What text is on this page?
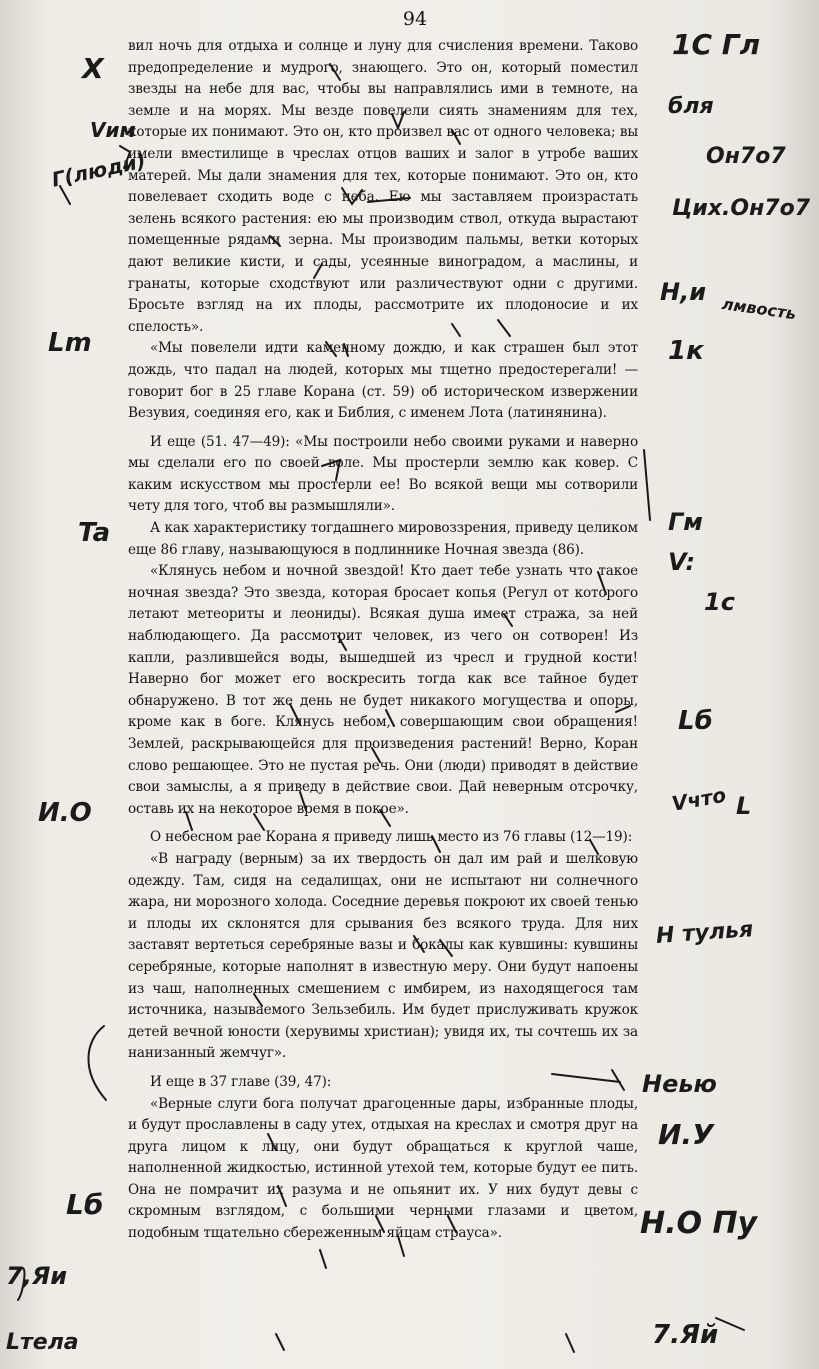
94

вил ночь для отдыха и солнце и луну для счисления времени. Таково предопределение и мудрого, знающего. Это он, который поместил звезды на небе для вас, чтобы вы направлялись ими в темноте, на земле и на морях. Мы везде повелели сиять знамениям для тех, которые их понимают. Это он, кто произвел вас от одного человека; вы имели вместилище в чреслах отцов ваших и залог в утробе ваших матерей. Мы дали знамения для тех, которые понимают. Это он, кто повелевает сходить воде с неба. Ею мы заставляем произрастать зелень всякого растения: ею мы производим ствол, откуда вырастают помещенные рядами зерна. Мы производим пальмы, ветки которых дают великие кисти, и сады, усеянные виноградом, а маслины, и гранаты, которые сходствуют или различествуют одни с другими. Бросьте взгляд на их плоды, рассмотрите их плодоносие и их спелость».

«Мы повелели идти каменному дождю, и как страшен был этот дождь, что падал на людей, которых мы тщетно предостерегали! — говорит бог в 25 главе Корана (ст. 59) об историческом извержении Везувия, соединяя его, как и Библия, с именем Лота (латинянина).

И еще (51. 47—49): «Мы построили небо своими руками и наверно мы сделали его по своей воле. Мы простерли землю как ковер. С каким искусством мы простерли ее! Во всякой вещи мы сотворили чету для того, чтоб вы размышляли».

А как характеристику тогдашнего мировоззрения, приведу целиком еще 86 главу, называющуюся в подлиннике Ночная звезда (86).

«Клянусь небом и ночной звездой! Кто дает тебе узнать что такое ночная звезда? Это звезда, которая бросает копья (Регул от которого летают метеориты и леониды). Всякая душа имеет стража, за ней наблюдающего. Да рассмотрит человек, из чего он сотворен! Из капли, разлившейся воды, вышедшей из чресл и грудной кости! Наверно бог может его воскресить тогда как все тайное будет обнаружено. В тот же день не будет никакого могущества и опоры, кроме как в боге. Клянусь небом, совершающим свои обращения! Землей, раскрывающейся для произведения растений! Верно, Коран слово решающее. Это не пустая речь. Они (люди) приводят в действие свои замыслы, а я приведу в действие свои. Дай неверным отсрочку, оставь их на некоторое время в покое».

О небесном рае Корана я приведу лишь место из 76 главы (12—19):

«В награду (верным) за их твердость он дал им рай и шелковую одежду. Там, сидя на седалищах, они не испытают ни солнечного жара, ни морозного холода. Соседние деревья покроют их своей тенью и плоды их склонятся для срывания без всякого труда. Для них заставят вертеться серебряные вазы и бокалы как кувшины: кувшины серебряные, которые наполнят в известную меру. Они будут напоены из чаш, наполненных смешением с имбирем, из находящегося там источника, называемого Зельзебиль. Им будет прислуживать кружок детей вечной юности (херувимы христиан); увидя их, ты сочтешь их за нанизанный жемчуг».

И еще в 37 главе (39, 47):

«Верные слуги бога получат драгоценные дары, избранные плоды, и будут прославлены в саду утех, отдыхая на креслах и смотря друг на друга лицом к лицу, они будут обращаться к круглой чаше, наполненной жидкостью, истинной утехой тем, которые будут ее пить. Она не помрачит их разума и не опьянит их. У них будут девы с скромным взглядом, с большими черными глазами и цветом, подобным тщательно сбереженным яйцам страуса».

Х
Vим
Г(люди)
Lm
Ta
И.О
Lб
7,Яи
Lтела
1С Гл
бля
Он7о7
Цих.Он7о7
Н,и
лмвость
1к
Гм
V:
1с
Lб
Vчто L
Н тулья
Неью
И.У
Н.О Пу
7.Яй
